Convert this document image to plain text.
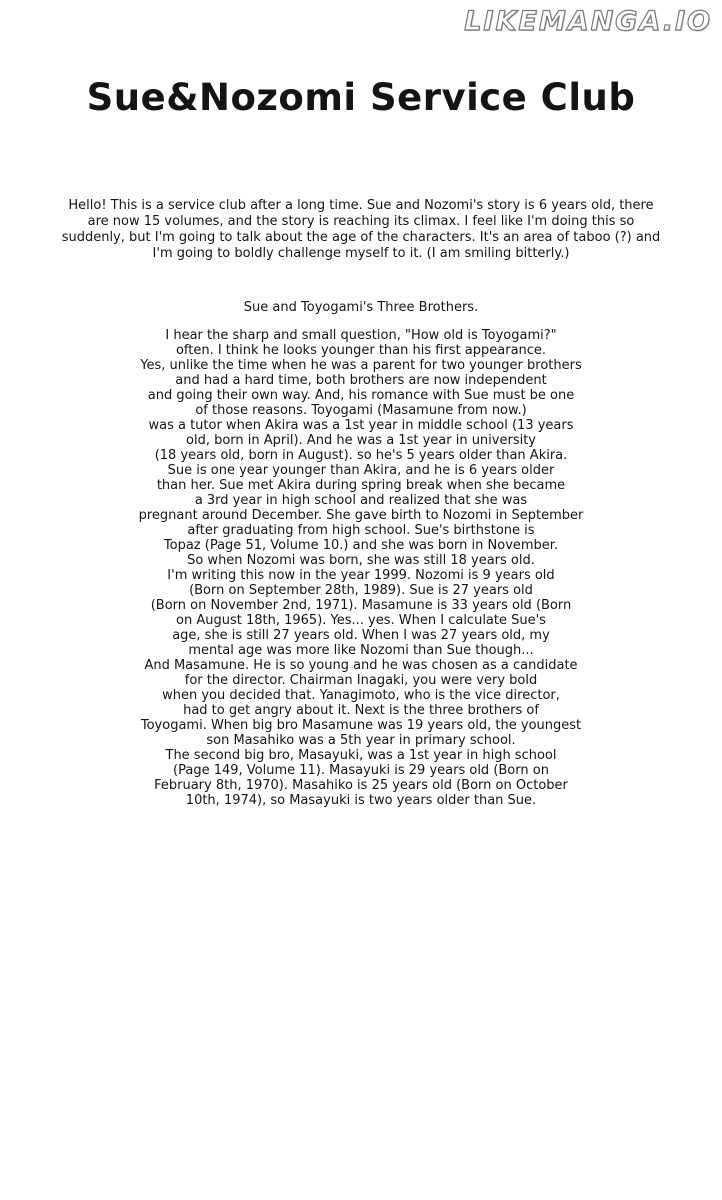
LIKEMANGA.IO
Sue&Nozomi Service Club

Hello! This is a service club after a long time. Sue and Nozomi's story is 6 years old, there are now 15 volumes, and the story is reaching its climax. I feel like I'm doing this so suddenly, but I'm going to talk about the age of the characters. It's an area of taboo (?) and I'm going to boldly challenge myself to it. (I am smiling bitterly.)

Sue and Toyogami's Three Brothers.

I hear the sharp and small question, "How old is Toyogami?"
often. I think he looks younger than his first appearance.
Yes, unlike the time when he was a parent for two younger brothers
and had a hard time, both brothers are now independent
and going their own way. And, his romance with Sue must be one
of those reasons. Toyogami (Masamune from now.)
was a tutor when Akira was a 1st year in middle school (13 years
old, born in April). And he was a 1st year in university
(18 years old, born in August). so he's 5 years older than Akira.
Sue is one year younger than Akira, and he is 6 years older
than her. Sue met Akira during spring break when she became
a 3rd year in high school and realized that she was
pregnant around December. She gave birth to Nozomi in September
after graduating from high school. Sue's birthstone is
Topaz (Page 51, Volume 10.) and she was born in November.
So when Nozomi was born, she was still 18 years old.
I'm writing this now in the year 1999. Nozomi is 9 years old
(Born on September 28th, 1989). Sue is 27 years old
(Born on November 2nd, 1971). Masamune is 33 years old (Born
on August 18th, 1965). Yes... yes. When I calculate Sue's
age, she is still 27 years old. When I was 27 years old, my
mental age was more like Nozomi than Sue though...
And Masamune. He is so young and he was chosen as a candidate
for the director. Chairman Inagaki, you were very bold
when you decided that. Yanagimoto, who is the vice director,
had to get angry about it. Next is the three brothers of
Toyogami. When big bro Masamune was 19 years old, the youngest
son Masahiko was a 5th year in primary school.
The second big bro, Masayuki, was a 1st year in high school
(Page 149, Volume 11). Masayuki is 29 years old (Born on
February 8th, 1970). Masahiko is 25 years old (Born on October
10th, 1974), so Masayuki is two years older than Sue.
